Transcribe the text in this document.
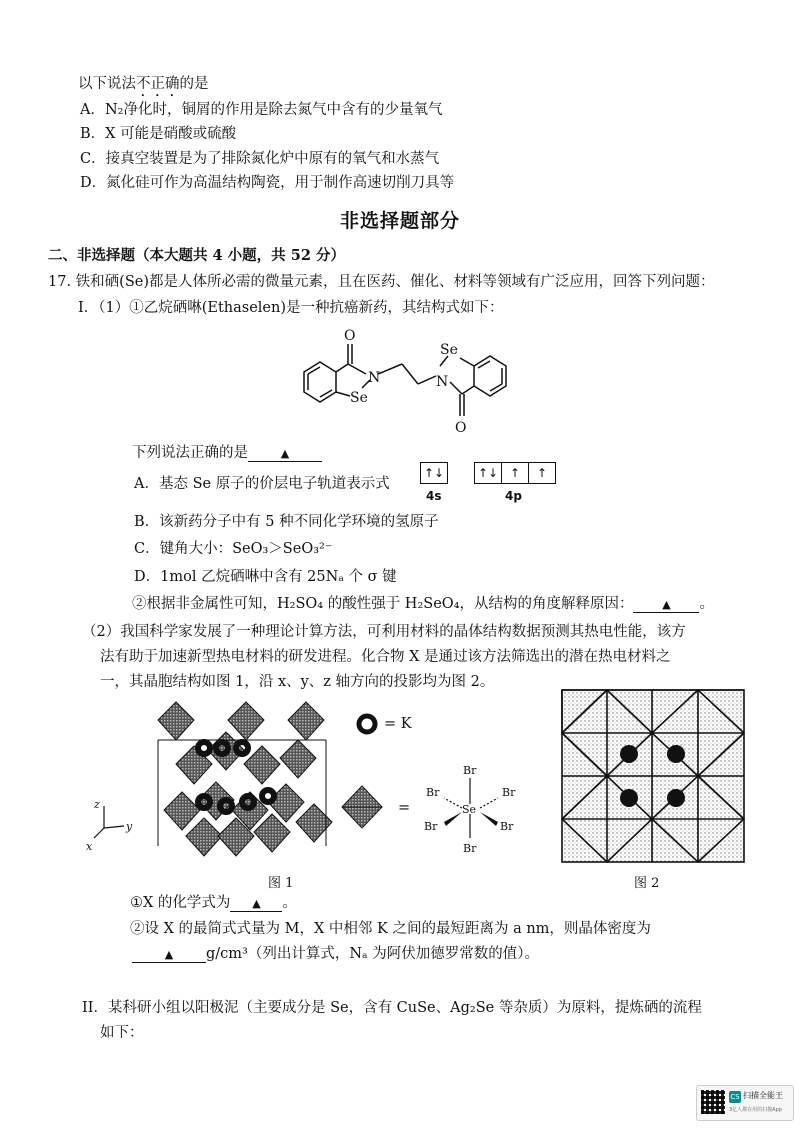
以下说法不正确的是
A．N₂净化时，铜屑的作用是除去氮气中含有的少量氧气
B．X 可能是硝酸或硫酸
C．接真空装置是为了排除氮化炉中原有的氧气和水蒸气
D．氮化硅可作为高温结构陶瓷，用于制作高速切削刀具等
非选择题部分
二、非选择题（本大题共 4 小题，共 52 分）
17. 铁和硒(Se)都是人体所必需的微量元素，且在医药、催化、材料等领域有广泛应用，回答下列问题：
I．（1）①乙烷硒啉(Ethaselen)是一种抗癌新药，其结构式如下：
O
N
Se
Se
N
O
下列说法正确的是	▲
A．基态 Se 原子的价层电子轨道表示式
↑↓	↑↓ ↑	↑
4s	4p
B．该新药分子中有 5 种不同化学环境的氢原子
C．键角大小：SeO₃＞SeO₃²⁻
D．1mol 乙烷硒啉中含有 25Nₐ 个 σ 键
②根据非金属性可知，H₂SO₄ 的酸性强于 H₂SeO₄，从结构的角度解释原因：	▲ 。
（2）我国科学家发展了一种理论计算方法，可利用材料的晶体结构数据预测其热电性能，该方
法有助于加速新型热电材料的研发进程。化合物 X 是通过该方法筛选出的潜在热电材料之
一，其晶胞结构如图 1，沿 x、y、z 轴方向的投影均为图 2。
z
y
x
= K
=
Br
Se
Br	Br
Br	Br
Br
图 1	图 2
①X 的化学式为 ▲ 。
②设 X 的最简式式量为 M，X 中相邻 K 之间的最短距离为 a nm，则晶体密度为
▲ g/cm³（列出计算式，Nₐ 为阿伏加德罗常数的值）。
II．某科研小组以阳极泥（主要成分是 Se，含有 CuSe、Ag₂Se 等杂质）为原料，提炼硒的流程
如下：
CS 扫描全能王
3亿人都在用的扫描App
